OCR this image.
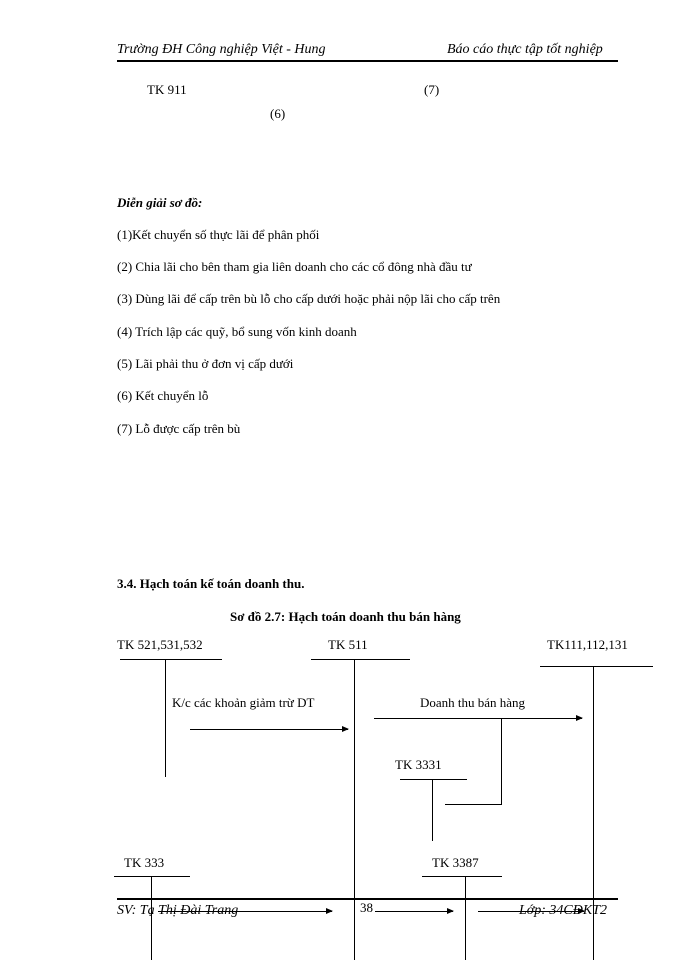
Trường ĐH Công nghiệp Việt - Hung	Báo cáo thực tập tốt nghiệp
TK 911	(7)
(6)
Diễn giải sơ đồ:
(1)Kết chuyển số thực lãi để phân phối
(2) Chia lãi cho bên tham gia liên doanh cho các cổ đông nhà đầu tư
(3) Dùng lãi để cấp trên bù lỗ cho cấp dưới hoặc phải nộp lãi cho cấp trên
(4) Trích lập các quỹ, bổ sung vốn kinh doanh
(5) Lãi phải thu ở đơn vị cấp dưới
(6) Kết chuyển lỗ
(7) Lỗ được cấp trên bù
3.4. Hạch toán kế toán doanh thu.
Sơ đồ 2.7: Hạch toán doanh thu bán hàng
TK 521,531,532	TK 511	TK111,112,131
K/c các khoản giảm trừ DT	Doanh thu bán hàng
TK 3331
TK 333	TK 3387
SV: Tạ Thị Đài Trang	38	Lớp: 34CĐKT2
